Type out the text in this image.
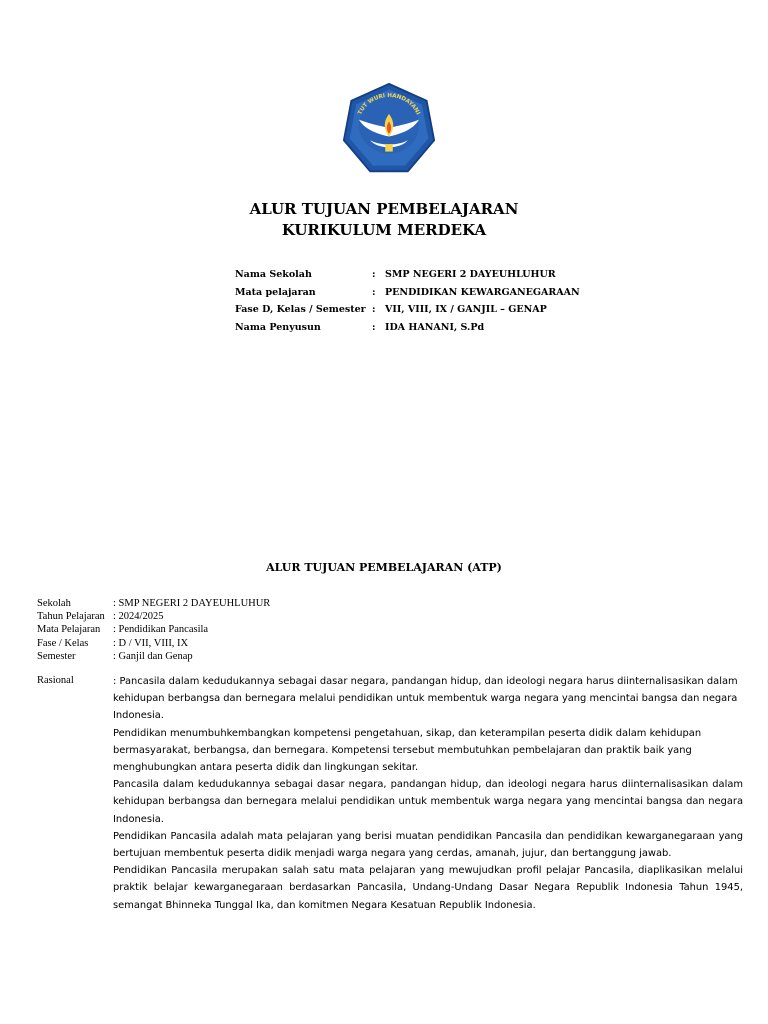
TUT WURI HANDAYANI
ALUR TUJUAN PEMBELAJARAN
KURIKULUM MERDEKA
Nama Sekolah	: SMP NEGERI 2 DAYEUHLUHUR
Mata pelajaran	: PENDIDIKAN KEWARGANEGARAAN
Fase D, Kelas / Semester : VII, VIII, IX / GANJIL – GENAP
Nama Penyusun	: IDA HANANI, S.Pd
ALUR TUJUAN PEMBELAJARAN (ATP)
Sekolah	: SMP NEGERI 2 DAYEUHLUHUR
Tahun Pelajaran : 2024/2025
Mata Pelajaran : Pendidikan Pancasila
Fase / Kelas : D / VII, VIII, IX
Semester	: Ganjil dan Genap
Rasional	: Pancasila dalam kedudukannya sebagai dasar negara, pandangan hidup, dan ideologi negara harus diinternalisasikan dalam kehidupan berbangsa dan bernegara melalui pendidikan untuk membentuk warga negara yang mencintai bangsa dan negara Indonesia.

Pendidikan menumbuhkembangkan kompetensi pengetahuan, sikap, dan keterampilan peserta didik dalam kehidupan bermasyarakat, berbangsa, dan bernegara. Kompetensi tersebut membutuhkan pembelajaran dan praktik baik yang menghubungkan antara peserta didik dan lingkungan sekitar.

Pancasila dalam kedudukannya sebagai dasar negara, pandangan hidup, dan ideologi negara harus diinternalisasikan dalam kehidupan berbangsa dan bernegara melalui pendidikan untuk membentuk warga negara yang mencintai bangsa dan negara Indonesia.

Pendidikan Pancasila adalah mata pelajaran yang berisi muatan pendidikan Pancasila dan pendidikan kewarganegaraan yang bertujuan membentuk peserta didik menjadi warga negara yang cerdas, amanah, jujur, dan bertanggung jawab.

Pendidikan Pancasila merupakan salah satu mata pelajaran yang mewujudkan profil pelajar Pancasila, diaplikasikan melalui praktik belajar kewarganegaraan berdasarkan Pancasila, Undang-Undang Dasar Negara Republik Indonesia Tahun 1945, semangat Bhinneka Tunggal Ika, dan komitmen Negara Kesatuan Republik Indonesia.
